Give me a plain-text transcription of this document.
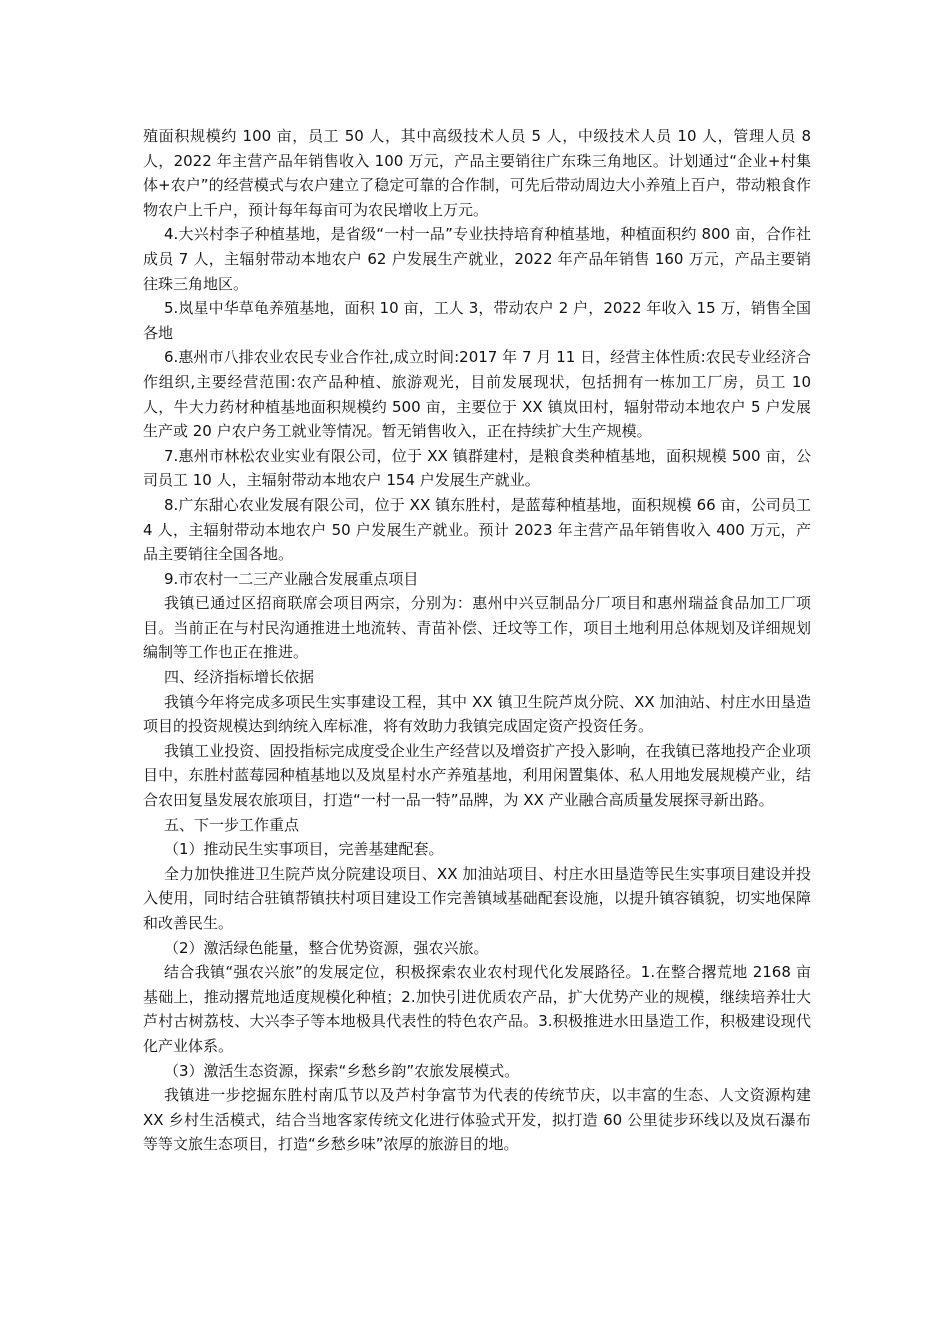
殖面积规模约 100 亩，员工 50 人，其中高级技术人员 5 人，中级技术人员 10 人，管理人员 8 人，2022 年主营产品年销售收入 100 万元，产品主要销往广东珠三角地区。计划通过“企业+村集体+农户”的经营模式与农户建立了稳定可靠的合作制，可先后带动周边大小养殖上百户，带动粮食作物农户上千户，预计每年每亩可为农民增收上万元。

4.大兴村李子种植基地，是省级“一村一品”专业扶持培育种植基地，种植面积约 800 亩，合作社成员 7 人，主辐射带动本地农户 62 户发展生产就业，2022 年产品年销售 160 万元，产品主要销往珠三角地区。

5.岚星中华草龟养殖基地，面积 10 亩，工人 3，带动农户 2 户，2022 年收入 15 万，销售全国各地

6.惠州市八排农业农民专业合作社,成立时间:2017 年 7 月 11 日，经营主体性质:农民专业经济合作组织,主要经营范围:农产品种植、旅游观光，目前发展现状，包括拥有一栋加工厂房，员工 10 人，牛大力药材种植基地面积规模约 500 亩，主要位于 XX 镇岚田村，辐射带动本地农户 5 户发展生产或 20 户农户务工就业等情况。暂无销售收入，正在持续扩大生产规模。

7.惠州市林松农业实业有限公司，位于 XX 镇群建村，是粮食类种植基地，面积规模 500 亩，公司员工 10 人，主辐射带动本地农户 154 户发展生产就业。

8.广东甜心农业发展有限公司，位于 XX 镇东胜村，是蓝莓种植基地，面积规模 66 亩，公司员工 4 人，主辐射带动本地农户 50 户发展生产就业。预计 2023 年主营产品年销售收入 400 万元，产品主要销往全国各地。

9.市农村一二三产业融合发展重点项目

我镇已通过区招商联席会项目两宗，分别为：惠州中兴豆制品分厂项目和惠州瑞益食品加工厂项目。当前正在与村民沟通推进土地流转、青苗补偿、迁坟等工作，项目土地利用总体规划及详细规划编制等工作也正在推进。

四、经济指标增长依据

我镇今年将完成多项民生实事建设工程，其中 XX 镇卫生院芦岚分院、XX 加油站、村庄水田垦造项目的投资规模达到纳统入库标准，将有效助力我镇完成固定资产投资任务。

我镇工业投资、固投指标完成度受企业生产经营以及增资扩产投入影响，在我镇已落地投产企业项目中，东胜村蓝莓园种植基地以及岚星村水产养殖基地，利用闲置集体、私人用地发展规模产业，结合农田复垦发展农旅项目，打造“一村一品一特”品牌，为 XX 产业融合高质量发展探寻新出路。

五、下一步工作重点

（1）推动民生实事项目，完善基建配套。

全力加快推进卫生院芦岚分院建设项目、XX 加油站项目、村庄水田垦造等民生实事项目建设并投入使用，同时结合驻镇帮镇扶村项目建设工作完善镇域基础配套设施，以提升镇容镇貌，切实地保障和改善民生。

（2）激活绿色能量，整合优势资源，强农兴旅。

结合我镇“强农兴旅”的发展定位，积极探索农业农村现代化发展路径。1.在整合撂荒地 2168 亩基础上，推动撂荒地适度规模化种植；2.加快引进优质农产品，扩大优势产业的规模，继续培养壮大芦村古树荔枝、大兴李子等本地极具代表性的特色农产品。3.积极推进水田垦造工作，积极建设现代化产业体系。

（3）激活生态资源，探索“乡愁乡韵”农旅发展模式。

我镇进一步挖掘东胜村南瓜节以及芦村争富节为代表的传统节庆，以丰富的生态、人文资源构建 XX 乡村生活模式，结合当地客家传统文化进行体验式开发，拟打造 60 公里徒步环线以及岚石瀑布等等文旅生态项目，打造“乡愁乡味”浓厚的旅游目的地。
